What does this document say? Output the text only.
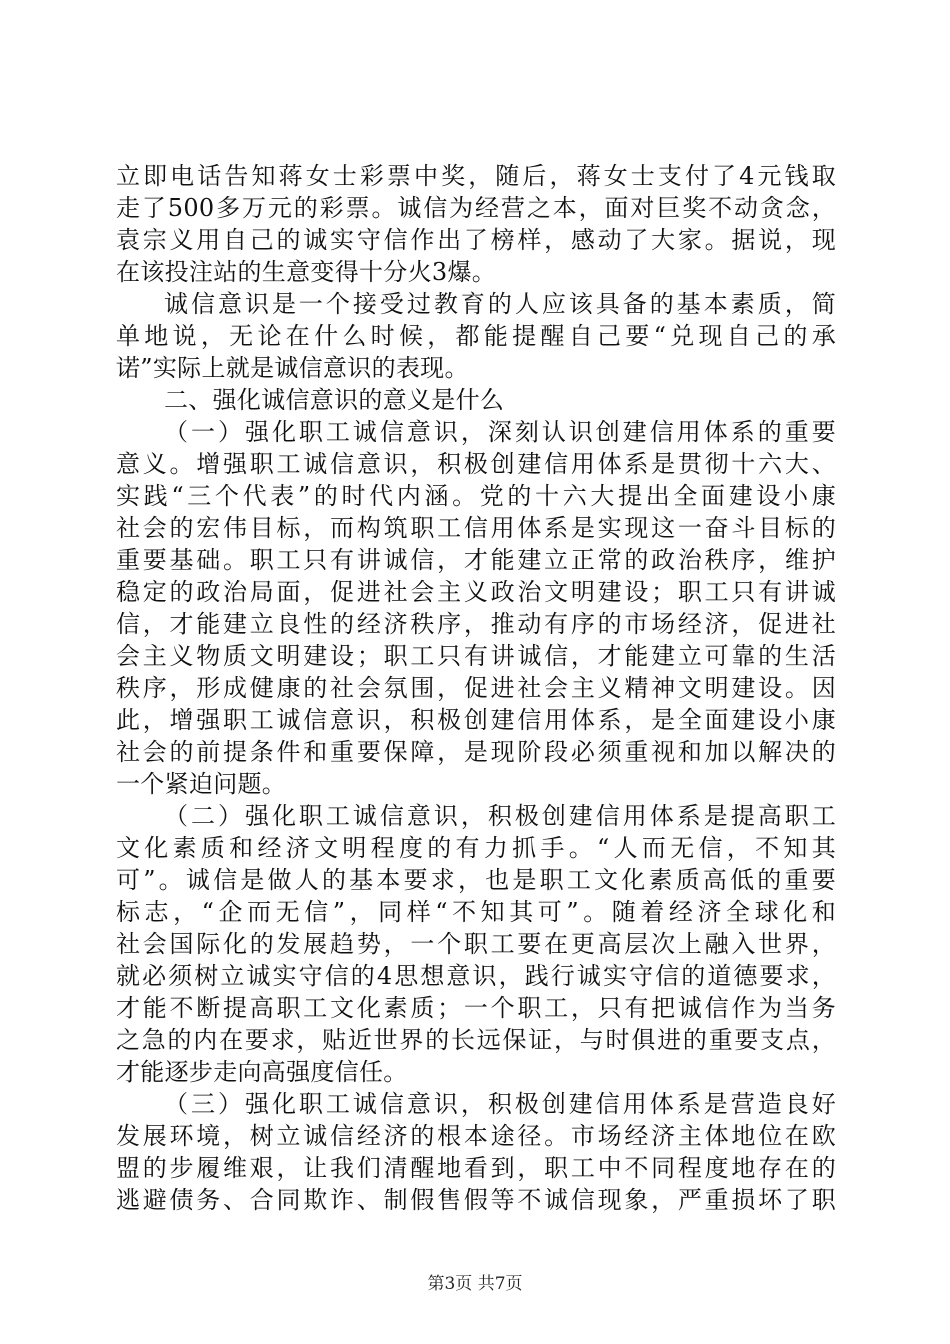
立即电话告知蒋女士彩票中奖，随后，蒋女士支付了4元钱取
走了500多万元的彩票。诚信为经营之本，面对巨奖不动贪念，
袁宗义用自己的诚实守信作出了榜样，感动了大家。据说，现
在该投注站的生意变得十分火3爆。
诚信意识是一个接受过教育的人应该具备的基本素质，简
单地说，无论在什么时候，都能提醒自己要“兑现自己的承
诺”实际上就是诚信意识的表现。
二、强化诚信意识的意义是什么
（一）强化职工诚信意识，深刻认识创建信用体系的重要
意义。增强职工诚信意识，积极创建信用体系是贯彻十六大、
实践“三个代表”的时代内涵。党的十六大提出全面建设小康
社会的宏伟目标，而构筑职工信用体系是实现这一奋斗目标的
重要基础。职工只有讲诚信，才能建立正常的政治秩序，维护
稳定的政治局面，促进社会主义政治文明建设；职工只有讲诚
信，才能建立良性的经济秩序，推动有序的市场经济，促进社
会主义物质文明建设；职工只有讲诚信，才能建立可靠的生活
秩序，形成健康的社会氛围，促进社会主义精神文明建设。因
此，增强职工诚信意识，积极创建信用体系，是全面建设小康
社会的前提条件和重要保障，是现阶段必须重视和加以解决的
一个紧迫问题。
（二）强化职工诚信意识，积极创建信用体系是提高职工
文化素质和经济文明程度的有力抓手。“人而无信，不知其
可”。诚信是做人的基本要求，也是职工文化素质高低的重要
标志，“企而无信”，同样“不知其可”。随着经济全球化和
社会国际化的发展趋势，一个职工要在更高层次上融入世界，
就必须树立诚实守信的4思想意识，践行诚实守信的道德要求，
才能不断提高职工文化素质；一个职工，只有把诚信作为当务
之急的内在要求，贴近世界的长远保证，与时俱进的重要支点，
才能逐步走向高强度信任。
（三）强化职工诚信意识，积极创建信用体系是营造良好
发展环境，树立诚信经济的根本途径。市场经济主体地位在欧
盟的步履维艰，让我们清醒地看到，职工中不同程度地存在的
逃避债务、合同欺诈、制假售假等不诚信现象，严重损坏了职
第3页 共7页
